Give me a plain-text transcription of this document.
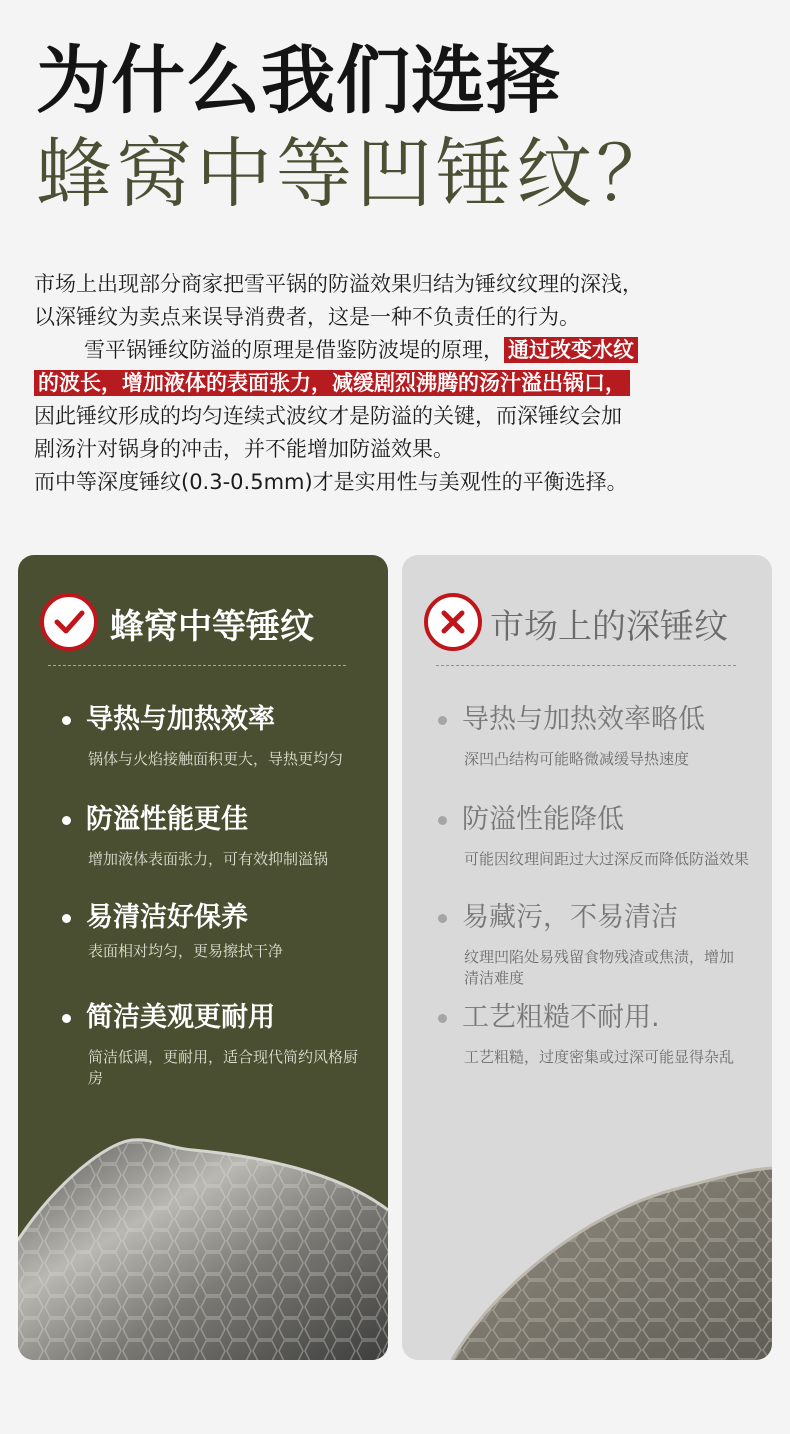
为什么我们选择
蜂窝中等凹锤纹？

市场上出现部分商家把雪平锅的防溢效果归结为锤纹纹理的深浅，

以深锤纹为卖点来误导消费者，这是一种不负责任的行为。

雪平锅锤纹防溢的原理是借鉴防波堤的原理， 通过改变水纹

的波长，增加液体的表面张力，减缓剧烈沸腾的汤汁溢出锅口，

因此锤纹形成的均匀连续式波纹才是防溢的关键，而深锤纹会加

剧汤汁对锅身的冲击，并不能增加防溢效果。

而中等深度锤纹(0.3-0.5mm)才是实用性与美观性的平衡选择。

蜂窝中等锤纹
导热与加热效率
锅体与火焰接触面积更大，导热更均匀
防溢性能更佳
增加液体表面张力，可有效抑制溢锅
易清洁好保养
表面相对均匀，更易擦拭干净
简洁美观更耐用
简洁低调，更耐用，适合现代简约风格厨房
市场上的深锤纹
导热与加热效率略低
深凹凸结构可能略微减缓导热速度
防溢性能降低
可能因纹理间距过大过深反而降低防溢效果
易藏污，不易清洁
纹理凹陷处易残留食物残渣或焦渍，增加清洁难度
工艺粗糙不耐用.
工艺粗糙，过度密集或过深可能显得杂乱
